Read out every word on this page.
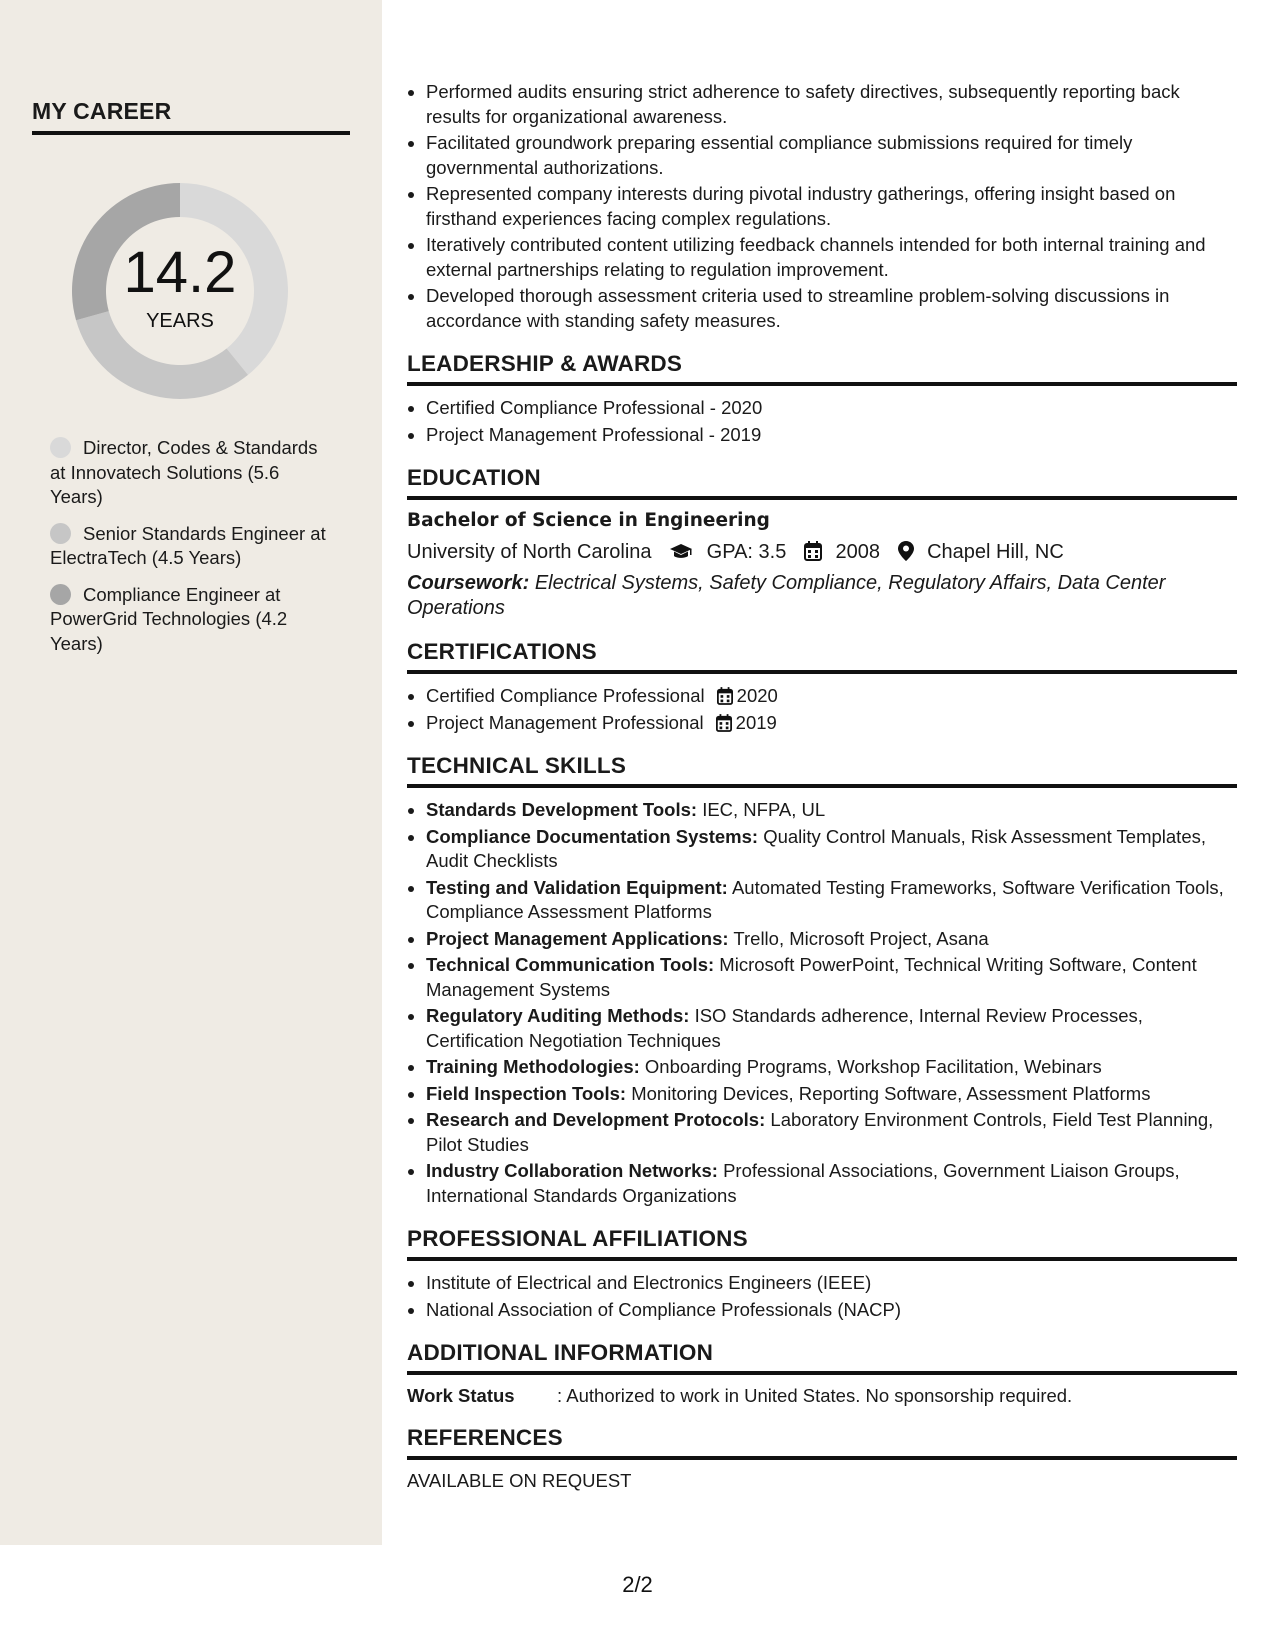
MY CAREER
14.2
YEARS
Director, Codes & Standards at Innovatech Solutions (5.6 Years)
Senior Standards Engineer at ElectraTech (4.5 Years)
Compliance Engineer at PowerGrid Technologies (4.2 Years)
• Performed audits ensuring strict adherence to safety directives, subsequently reporting back results for organizational awareness.
• Facilitated groundwork preparing essential compliance submissions required for timely governmental authorizations.
• Represented company interests during pivotal industry gatherings, offering insight based on firsthand experiences facing complex regulations.
• Iteratively contributed content utilizing feedback channels intended for both internal training and external partnerships relating to regulation improvement.
• Developed thorough assessment criteria used to streamline problem-solving discussions in accordance with standing safety measures.
LEADERSHIP & AWARDS
• Certified Compliance Professional - 2020
• Project Management Professional - 2019
EDUCATION
Bachelor of Science in Engineering
University of North Carolina	GPA: 3.5 2008 Chapel Hill, NC
Coursework: Electrical Systems, Safety Compliance, Regulatory Affairs, Data Center Operations
CERTIFICATIONS
• Certified Compliance Professional 2020
• Project Management Professional 2019
TECHNICAL SKILLS
• Standards Development Tools: IEC, NFPA, UL
• Compliance Documentation Systems: Quality Control Manuals, Risk Assessment Templates, Audit Checklists
• Testing and Validation Equipment: Automated Testing Frameworks, Software Verification Tools, Compliance Assessment Platforms
• Project Management Applications: Trello, Microsoft Project, Asana
• Technical Communication Tools: Microsoft PowerPoint, Technical Writing Software, Content Management Systems
• Regulatory Auditing Methods: ISO Standards adherence, Internal Review Processes, Certification Negotiation Techniques
• Training Methodologies: Onboarding Programs, Workshop Facilitation, Webinars
• Field Inspection Tools: Monitoring Devices, Reporting Software, Assessment Platforms
• Research and Development Protocols: Laboratory Environment Controls, Field Test Planning, Pilot Studies
• Industry Collaboration Networks: Professional Associations, Government Liaison Groups, International Standards Organizations
PROFESSIONAL AFFILIATIONS
• Institute of Electrical and Electronics Engineers (IEEE)
• National Association of Compliance Professionals (NACP)
ADDITIONAL INFORMATION
Work Status	: Authorized to work in United States. No sponsorship required.
REFERENCES
AVAILABLE ON REQUEST
2/2
